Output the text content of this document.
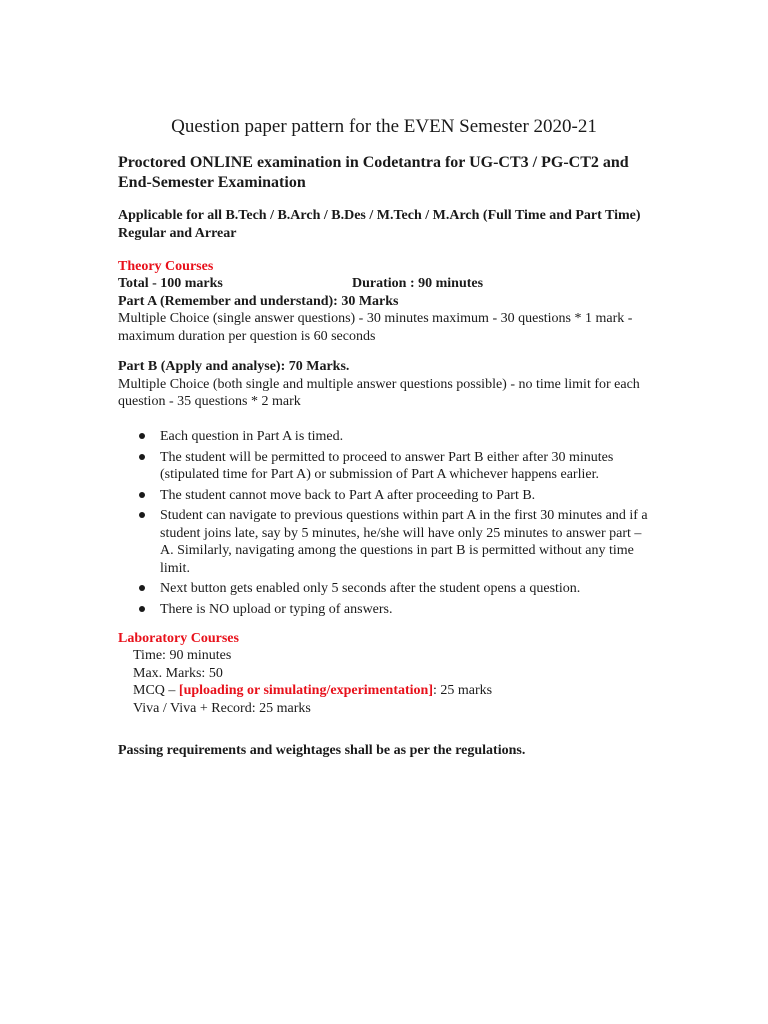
Question paper pattern for the EVEN Semester 2020-21
Proctored ONLINE examination in Codetantra for UG-CT3 / PG-CT2 and End-Semester Examination
Applicable for all B.Tech / B.Arch / B.Des / M.Tech / M.Arch (Full Time and Part Time) Regular and Arrear
Theory Courses
Total - 100 marks	Duration : 90 minutes
Part A (Remember and understand): 30 Marks
Multiple Choice (single answer questions) - 30 minutes maximum - 30 questions * 1 mark - maximum duration per question is 60 seconds
Part B (Apply and analyse): 70 Marks.
Multiple Choice (both single and multiple answer questions possible) - no time limit for each question - 35 questions * 2 mark
Each question in Part A is timed.
The student will be permitted to proceed to answer Part B either after 30 minutes (stipulated time for Part A) or submission of Part A whichever happens earlier.
The student cannot move back to Part A after proceeding to Part B.
Student can navigate to previous questions within part A in the first 30 minutes and if a student joins late, say by 5 minutes, he/she will have only 25 minutes to answer part – A. Similarly, navigating among the questions in part B is permitted without any time limit.
Next button gets enabled only 5 seconds after the student opens a question.
There is NO upload or typing of answers.
Laboratory Courses
Time: 90 minutes
Max. Marks: 50
MCQ – [uploading or simulating/experimentation]: 25 marks
Viva / Viva + Record: 25 marks
Passing requirements and weightages shall be as per the regulations.
